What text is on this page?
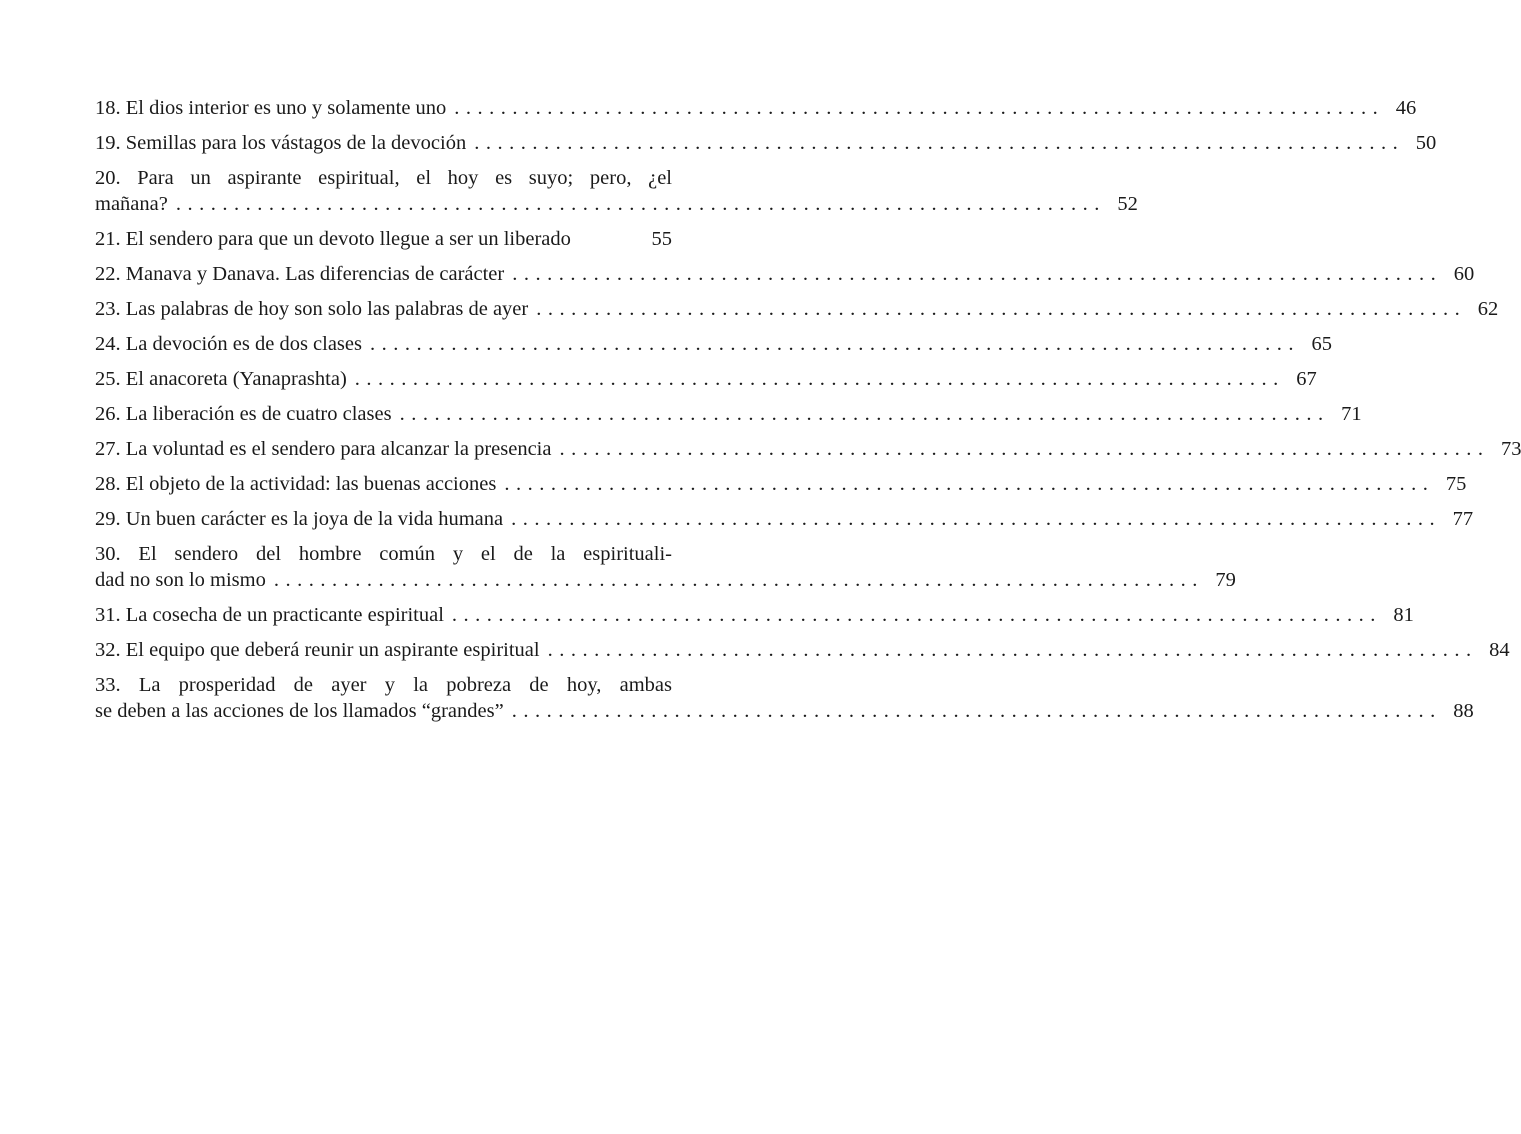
18. El dios interior es uno y solamente uno ................................................................................ 46
19. Semillas para los vástagos de la devoción ................................................................................ 50
20. Para un aspirante espiritual, el hoy es suyo; pero, ¿el
mañana? ................................................................................ 52
21. El sendero para que un devoto llegue a ser un liberado	55
22. Manava y Danava. Las diferencias de carácter ................................................................................ 60
23. Las palabras de hoy son solo las palabras de ayer ................................................................................ 62
24. La devoción es de dos clases ................................................................................ 65
25. El anacoreta (Yanaprashta) ................................................................................ 67
26. La liberación es de cuatro clases ................................................................................ 71
27. La voluntad es el sendero para alcanzar la presencia ................................................................................ 73
28. El objeto de la actividad: las buenas acciones ................................................................................ 75
29. Un buen carácter es la joya de la vida humana ................................................................................ 77
30. El sendero del hombre común y el de la espirituali-
dad no son lo mismo ................................................................................ 79
31. La cosecha de un practicante espiritual ................................................................................ 81
32. El equipo que deberá reunir un aspirante espiritual ................................................................................ 84
33. La prosperidad de ayer y la pobreza de hoy, ambas
se deben a las acciones de los llamados “grandes” ................................................................................ 88
